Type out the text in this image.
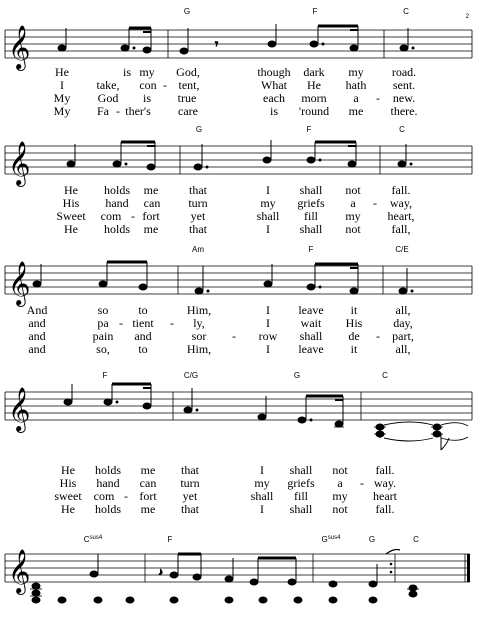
2
G	F	C
𝄞	𝄾
He	is my God,	though dark my road.
I	take, con - tent,	What He hath sent.
My God is true	each morn a - new.
My Fa - ther's care	is 'round me there.
G	F	C
𝄞
He holds me	that	I shall not	fall.
His hand can turn	my griefs a - way,
Sweet com - fort	yet	shall fill my heart,
He holds me	that	I shall not	fall,
Am	F	C/E
𝄞
And	so to	Him,	I leave it	all,
and	pa - tient - ly,	I	wait His	day,
and	pain and	sor - row shall de - part,
and	so, to	Him,	I leave it	all,
F	C/G	G	C
𝄞
He holds me that	I shall not fall.
His hand can turn	my griefs a - way.
sweet com - fort yet	shall fill my heart
He holds me that	I shall not fall.
$C^{sus4}$	F	$G^{sus4}$	G	C
𝄞	♪
